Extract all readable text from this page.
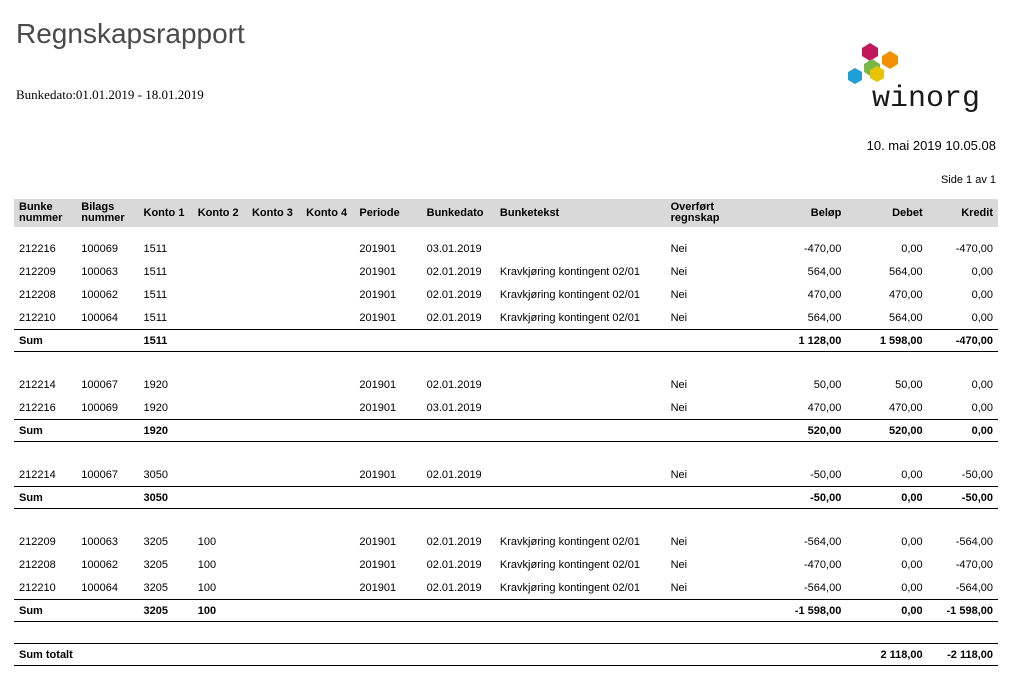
Regnskapsrapport
Bunkedato:01.01.2019 - 18.01.2019	winorg
10. mai 2019 10.05.08
Side 1 av 1
Bunke
nummer	Bilags
nummer	Konto 1	Konto 2	Konto 3	Konto 4	Periode	Bunkedato	Bunketekst	Overført regnskap	Beløp	Debet	Kredit

212216	100069	1511				201901	03.01.2019		Nei	-470,00	0,00	-470,00
212209	100063	1511				201901	02.01.2019	Kravkjøring kontingent 02/01	Nei	564,00	564,00	0,00
212208	100062	1511				201901	02.01.2019	Kravkjøring kontingent 02/01	Nei	470,00	470,00	0,00
212210	100064	1511				201901	02.01.2019	Kravkjøring kontingent 02/01	Nei	564,00	564,00	0,00
Sum		1511								1 128,00	1 598,00	-470,00

212214	100067	1920				201901	02.01.2019		Nei	50,00	50,00	0,00
212216	100069	1920				201901	03.01.2019		Nei	470,00	470,00	0,00
Sum		1920								520,00	520,00	0,00

212214	100067	3050				201901	02.01.2019		Nei	-50,00	0,00	-50,00
Sum		3050								-50,00	0,00	-50,00

212209	100063	3205	100			201901	02.01.2019	Kravkjøring kontingent 02/01	Nei	-564,00	0,00	-564,00
212208	100062	3205	100			201901	02.01.2019	Kravkjøring kontingent 02/01	Nei	-470,00	0,00	-470,00
212210	100064	3205	100			201901	02.01.2019	Kravkjøring kontingent 02/01	Nei	-564,00	0,00	-564,00
Sum		3205	100							-1 598,00	0,00	-1 598,00

Sum totalt											2 118,00	-2 118,00
